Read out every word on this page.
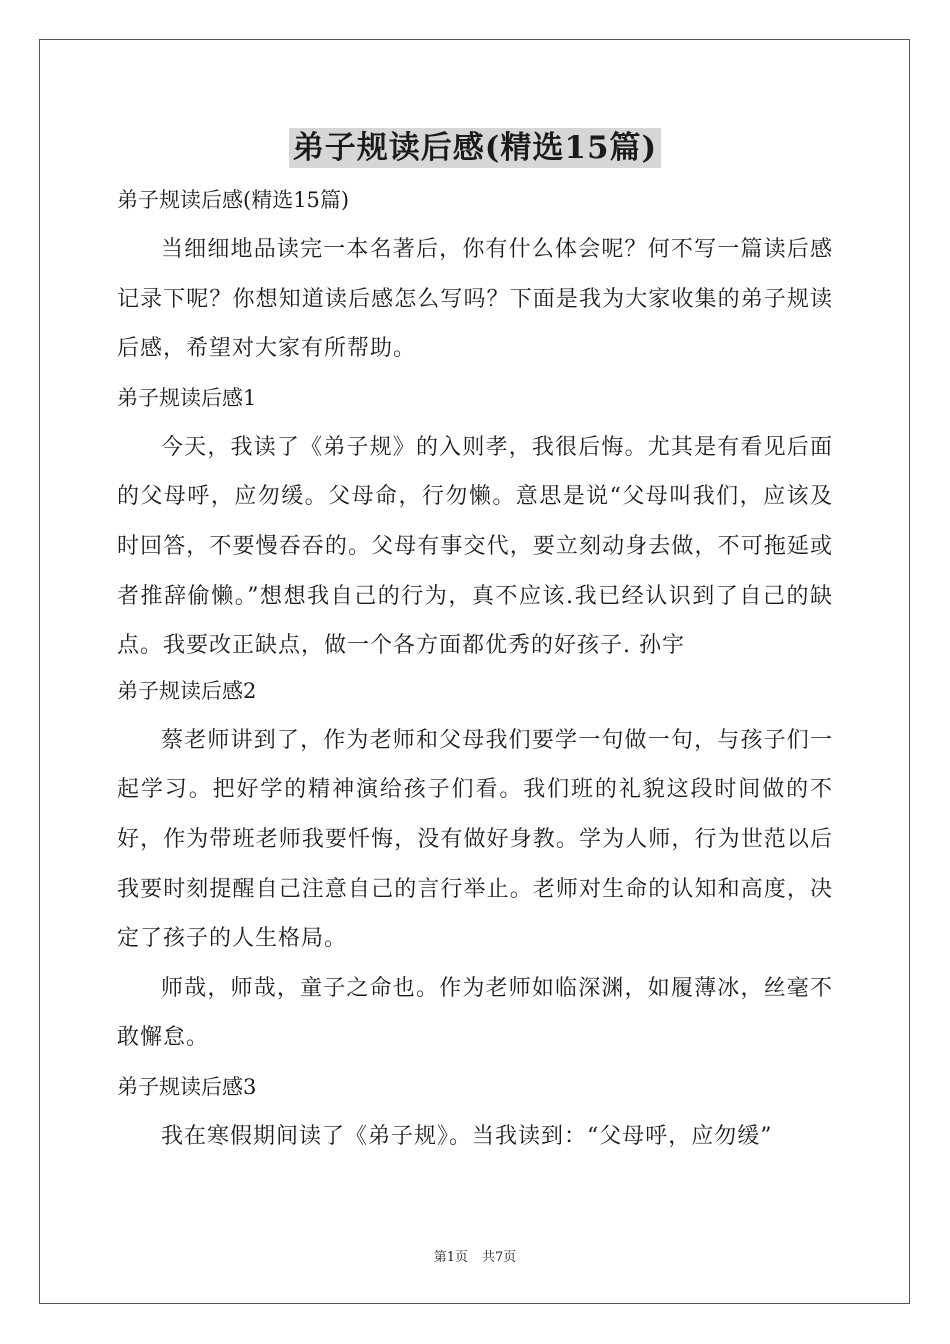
弟子规读后感(精选15篇)

弟子规读后感(精选15篇)

当细细地品读完一本名著后，你有什么体会呢？何不写一篇读后感记录下呢？你想知道读后感怎么写吗？下面是我为大家收集的弟子规读后感，希望对大家有所帮助。

弟子规读后感1

今天，我读了《弟子规》的入则孝，我很后悔。尤其是有看见后面的父母呼，应勿缓。父母命，行勿懒。意思是说“父母叫我们，应该及时回答，不要慢吞吞的。父母有事交代，要立刻动身去做，不可拖延或者推辞偷懒。”想想我自己的行为，真不应该.我已经认识到了自己的缺点。我要改正缺点，做一个各方面都优秀的好孩子. 孙宇

弟子规读后感2

蔡老师讲到了，作为老师和父母我们要学一句做一句，与孩子们一起学习。把好学的精神演给孩子们看。我们班的礼貌这段时间做的不好，作为带班老师我要忏悔，没有做好身教。学为人师，行为世范以后我要时刻提醒自己注意自己的言行举止。老师对生命的认知和高度，决定了孩子的人生格局。

师哉，师哉，童子之命也。作为老师如临深渊，如履薄冰，丝毫不敢懈怠。

弟子规读后感3

我在寒假期间读了《弟子规》。当我读到：“父母呼，应勿缓”

第1页 共7页
